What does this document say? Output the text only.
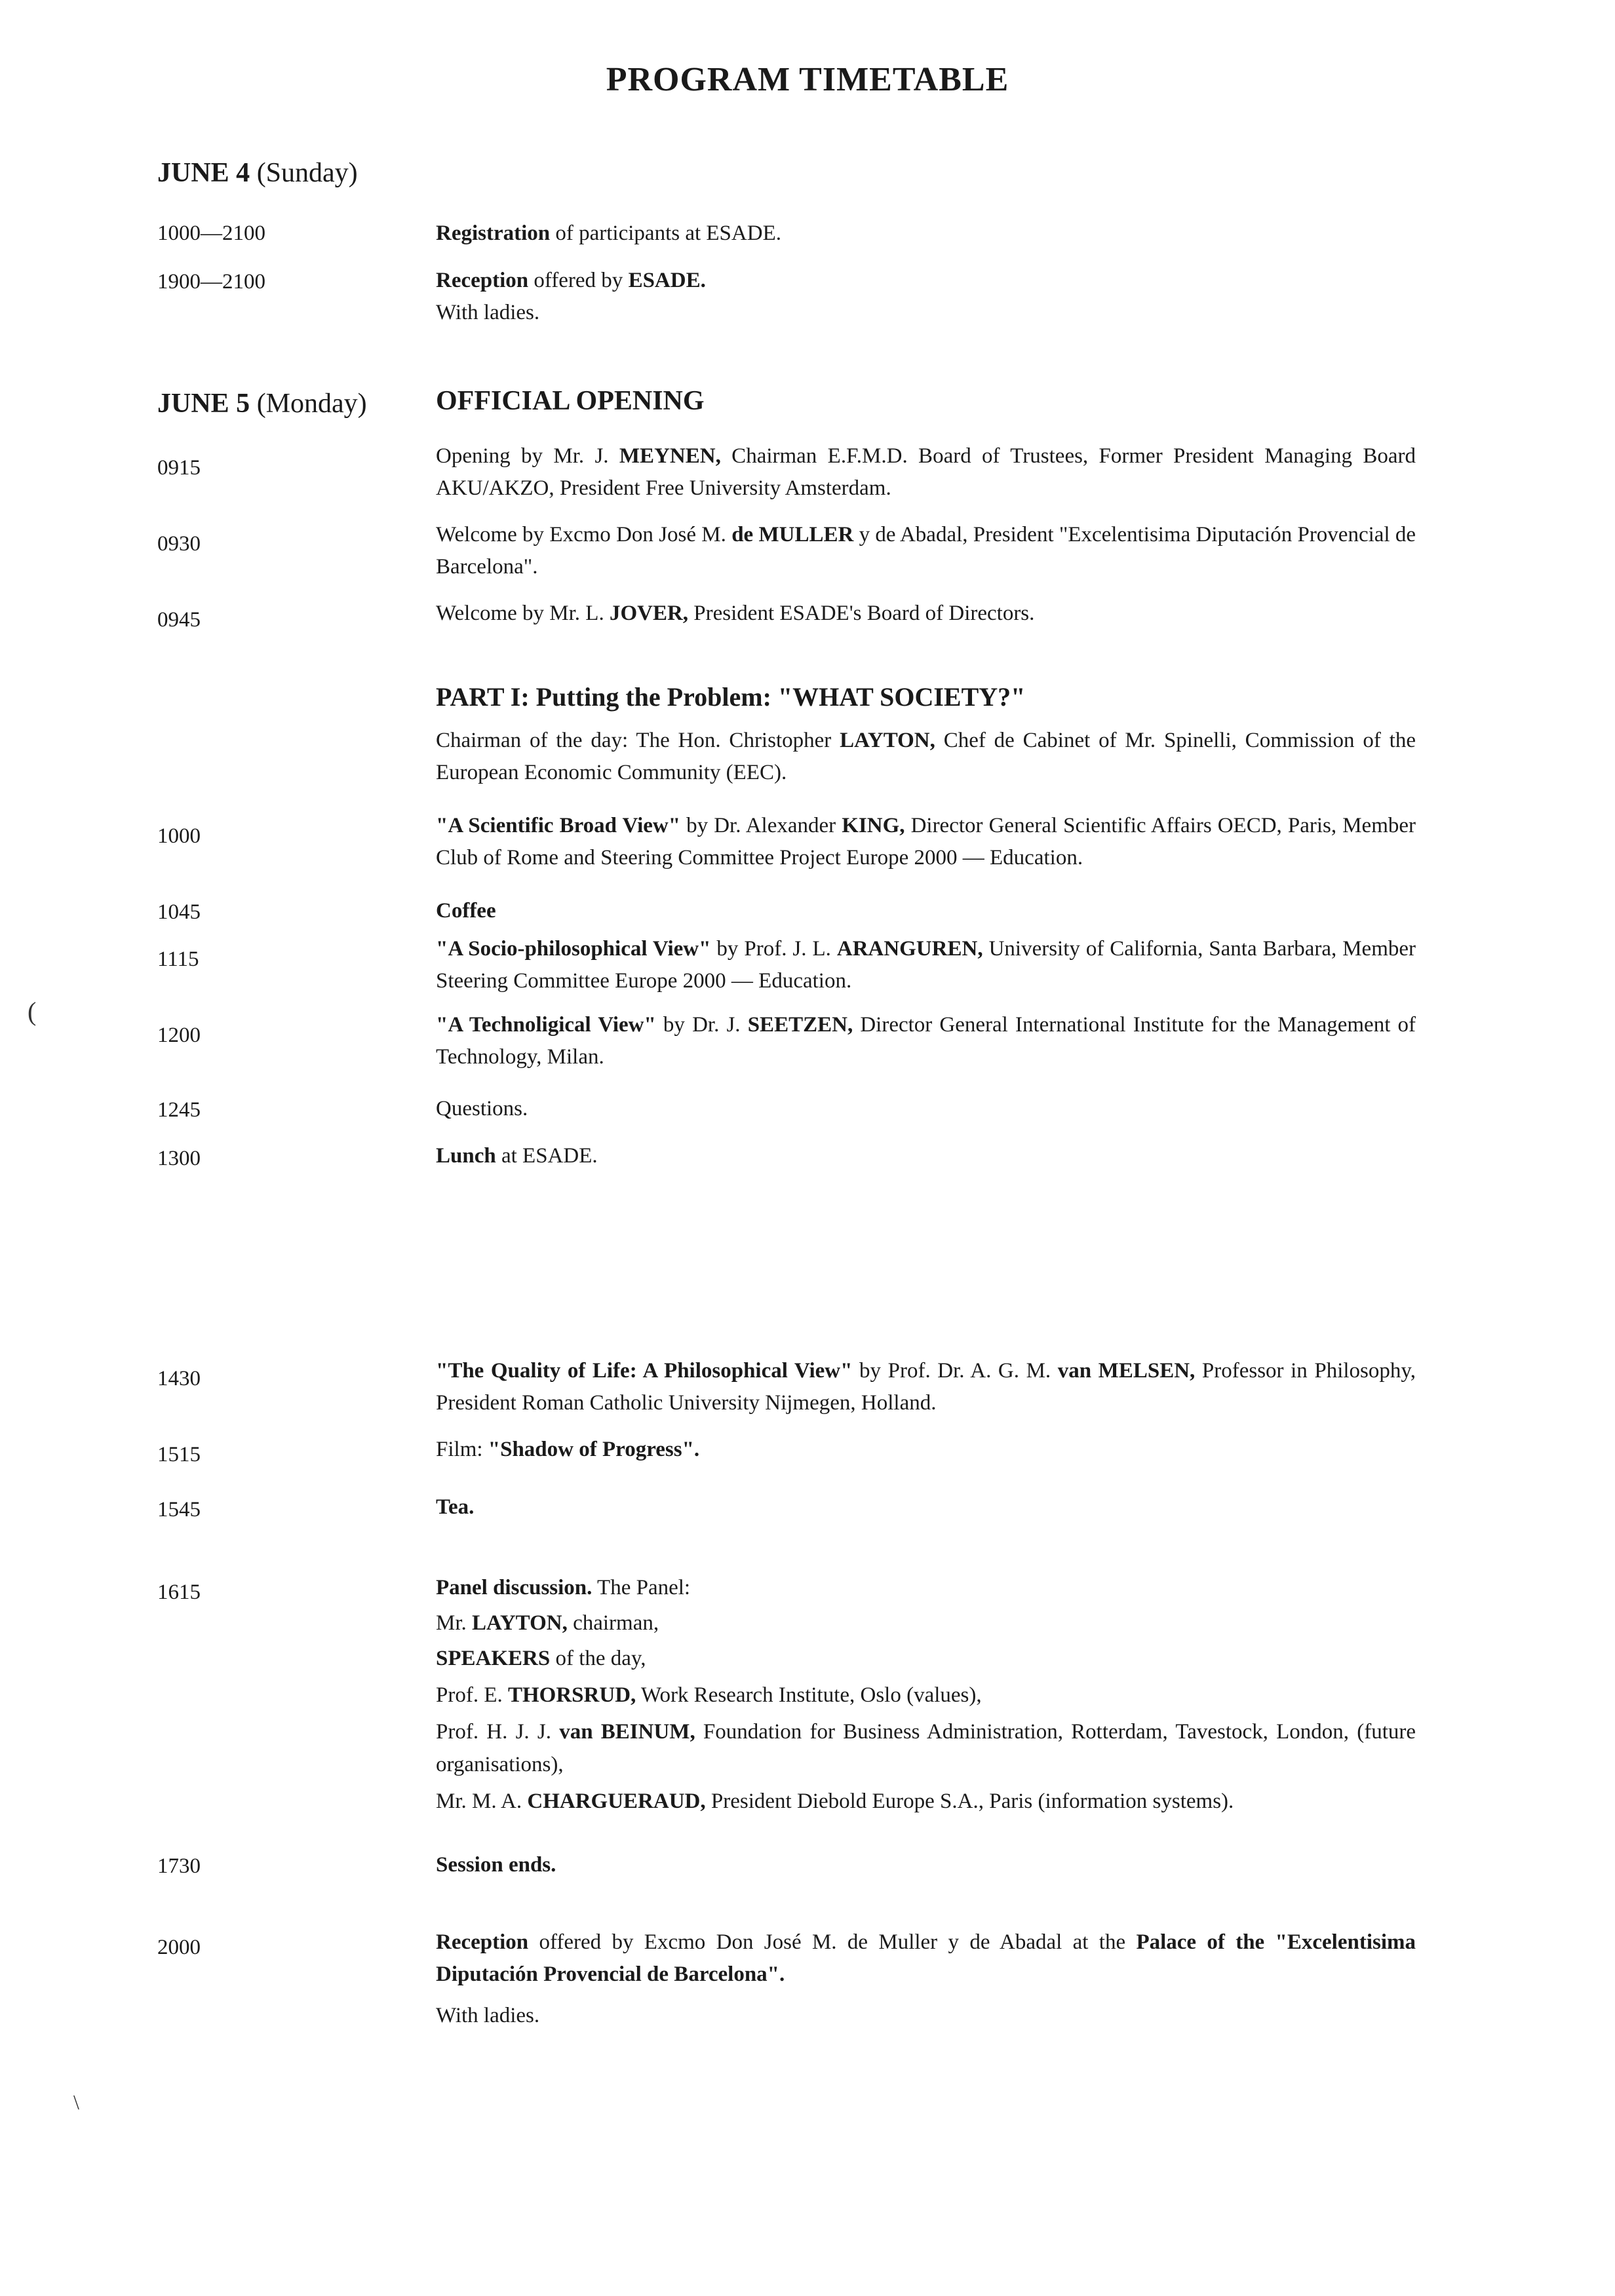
PROGRAM TIMETABLE
JUNE 4 (Sunday)
1000—2100	Registration of participants at ESADE.
1900—2100	Reception offered by ESADE.
With ladies.
JUNE 5 (Monday)	OFFICIAL OPENING
0915	Opening by Mr. J. MEYNEN, Chairman E.F.M.D. Board of Trustees, Former President Managing Board AKU/AKZO, President Free University Amsterdam.
0930	Welcome by Excmo Don José M. de MULLER y de Abadal, President "Excelentisima Diputación Provencial de Barcelona".
0945	Welcome by Mr. L. JOVER, President ESADE's Board of Directors.
PART I: Putting the Problem: "WHAT SOCIETY?"
Chairman of the day: The Hon. Christopher LAYTON, Chef de Cabinet of Mr. Spinelli, Commission of the European Economic Community (EEC).
1000	"A Scientific Broad View" by Dr. Alexander KING, Director General Scientific Affairs OECD, Paris, Member Club of Rome and Steering Committee Project Europe 2000 — Education.
1045	Coffee
1115	"A Socio-philosophical View" by Prof. J. L. ARANGUREN, University of California, Santa Barbara, Member Steering Committee Europe 2000 — Education.
1200	"A Technoligical View" by Dr. J. SEETZEN, Director General International Institute for the Management of Technology, Milan.
1245	Questions.
1300	Lunch at ESADE.
1430	"The Quality of Life: A Philosophical View" by Prof. Dr. A. G. M. van MELSEN, Professor in Philosophy, President Roman Catholic University Nijmegen, Holland.
1515	Film: "Shadow of Progress".
1545	Tea.
1615	Panel discussion. The Panel:
Mr. LAYTON, chairman,
SPEAKERS of the day,
Prof. E. THORSRUD, Work Research Institute, Oslo (values),
Prof. H. J. J. van BEINUM, Foundation for Business Administration, Rotterdam, Tavestock, London, (future organisations),
Mr. M. A. CHARGUERAUD, President Diebold Europe S.A., Paris (information systems).
1730	Session ends.
2000	Reception offered by Excmo Don José M. de Muller y de Abadal at the Palace of the "Excelentisima Diputación Provencial de Barcelona".
With ladies.
(
\
